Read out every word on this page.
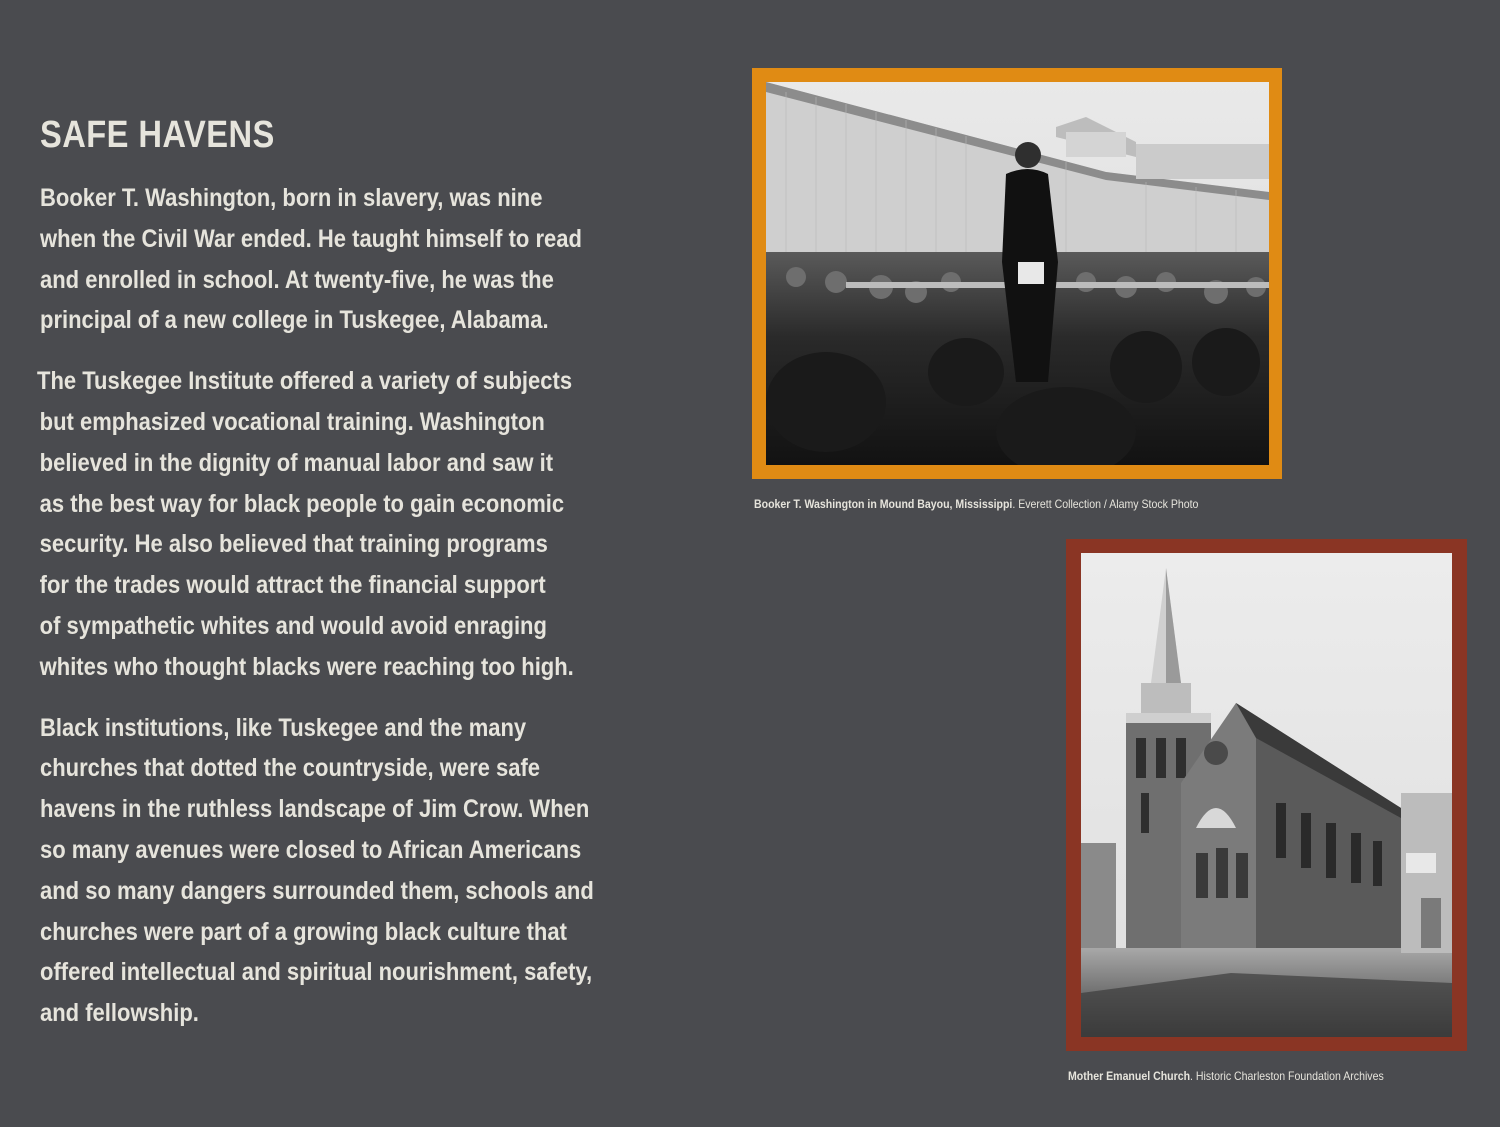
SAFE HAVENS

Booker T. Washington, born in slavery, was nine
when the Civil War ended. He taught himself to read
and enrolled in school. At twenty-five, he was the
principal of a new college in Tuskegee, Alabama.

The Tuskegee Institute offered a variety of subjects
but emphasized vocational training. Washington
believed in the dignity of manual labor and saw it
as the best way for black people to gain economic
security. He also believed that training programs
for the trades would attract the financial support
of sympathetic whites and would avoid enraging
whites who thought blacks were reaching too high.

Black institutions, like Tuskegee and the many
churches that dotted the countryside, were safe
havens in the ruthless landscape of Jim Crow. When
so many avenues were closed to African Americans
and so many dangers surrounded them, schools and
churches were part of a growing black culture that
offered intellectual and spiritual nourishment, safety,
and fellowship.

Booker T. Washington in Mound Bayou, Mississippi. Everett Collection / Alamy Stock Photo
Mother Emanuel Church. Historic Charleston Foundation Archives
